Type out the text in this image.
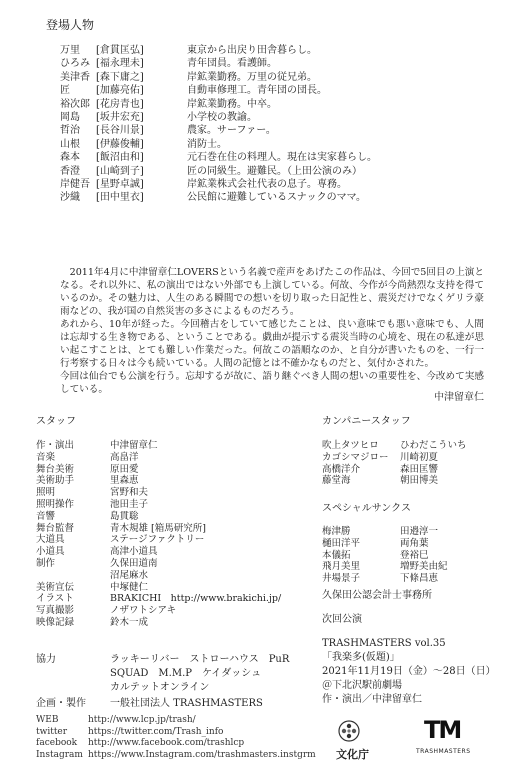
登場人物
万里 [倉貫匡弘]	東京から出戻り田舎暮らし。
ひろみ [福永理未]	青年団員。看護師。
美津香 [森下庸之]	岸鉱業勤務。万里の従兄弟。
匠	[加藤亮佑]	自動車修理工。青年団の団長。
裕次郎 [花房青也]	岸鉱業勤務。中卒。
岡島 [坂井宏充]	小学校の教諭。
哲治 [長谷川景]	農家。サーファー。
山根 [伊藤俊輔]	消防士。
森本 [飯沼由和]	元石巻在住の料理人。現在は実家暮らし。
香澄 [山崎到子]	匠の同級生。避難民。（上田公演のみ）
岸健吾 [星野卓誠]	岸鉱業株式会社代表の息子。専務。
沙織 [田中里衣]	公民館に避難しているスナックのママ。

2011年4月に中津留章仁LOVERSという名義で産声をあげたこの作品は、今回で5回目の上演となる。それ以外に、私の演出ではない外部でも上演している。何故、今作が今尚熱烈な支持を得ているのか。その魅力は、人生のある瞬間での想いを切り取った日記性と、震災だけでなくゲリラ豪雨などの、我が国の自然災害の多さによるものだろう。

あれから、10年が経った。今回稽古をしていて感じたことは、良い意味でも悪い意味でも、人間は忘却する生き物である、ということである。戯曲が提示する震災当時の心境を、現在の私達が思い起こすことは、とても難しい作業だった。何故この語順なのか、と自分が書いたものを、一行一行考察する日々は今も続いている。人間の記憶とは不確かなものだと、気付かされた。

今回は仙台でも公演を行う。忘却するが故に、語り継ぐべき人間の想いの重要性を、今改めて実感している。

中津留章仁
スタッフ
作・演出	中津留章仁
音楽	高畠洋
舞台美術	原田愛
美術助手	里森恵
照明	宮野和夫
照明操作	池田圭子
音響	島貫聡
舞台監督	青木規雄 [箱馬研究所]
大道具	ステージファクトリー
小道具	高津小道具
制作	久保田道南
沼尾麻水
美術宣伝	中塚健仁
イラスト	BRAKICHI　http://www.brakichi.jp/
写真撮影	ノザワトシアキ
映像記録	鈴木一成
協力	ラッキーリバー　ストローハウス　PuR
SQUAD　M.M.P　ケイダッシュ
カルテットオンライン
企画・製作 一般社団法人 TRASHMASTERS
カンパニースタッフ
吹上タツヒロ ひわだこういち
カゴシマジロー 川崎初夏
高橋洋介	森田匡響
藤堂海	朝田博美
スペシャルサンクス
梅津勝	田邉淳一
樋田洋平	両角葉
本儀拓	登裕巳
飛月美里	増野美由紀
井場景子	下條昌恵
久保田公認会計士事務所
次回公演
TRASHMASTERS vol.35
「我楽多(仮題)」
2021年11月19日（金）〜28日（日）
＠下北沢駅前劇場
作・演出／中津留章仁
WEB	http://www.lcp.jp/trash/
twitter https://twitter.com/Trash_info
facebook http://www.facebook.com/trashlcp
Instagram https://www.Instagram.com/trashmasters.instgrm 文化庁
TM
TRASHMASTERS
